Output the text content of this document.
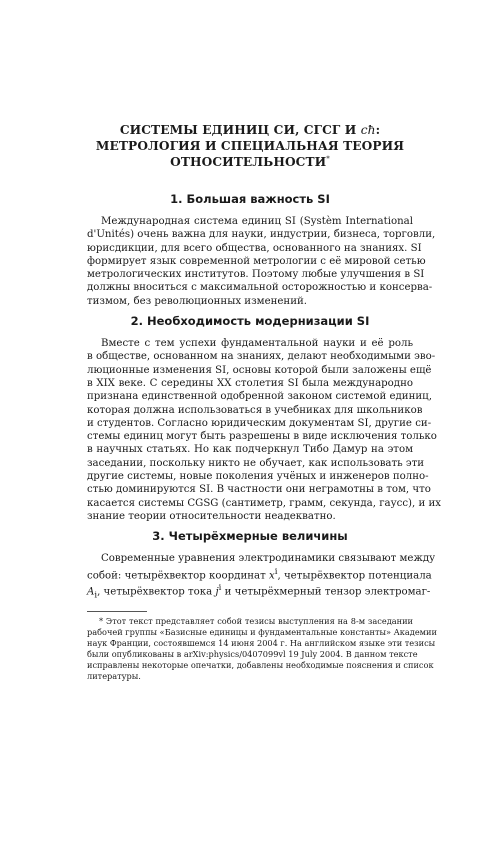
СИСТЕМЫ ЕДИНИЦ СИ, СГСГ И cħ:
МЕТРОЛОГИЯ И СПЕЦИАЛЬНАЯ ТЕОРИЯ
ОТНОСИТЕЛЬНОСТИ*
1. Большая важность SI
Международная система единиц SI (Systèm International
d'Unités) очень важна для науки, индустрии, бизнеса, торговли,
юрисдикции, для всего общества, основанного на знаниях. SI
формирует язык современной метрологии с её мировой сетью
метрологических институтов. Поэтому любые улучшения в SI
должны вноситься с максимальной осторожностью и консерва-
тизмом, без революционных изменений.
2. Необходимость модернизации SI
Вместе с тем успехи фундаментальной науки и её роль
в обществе, основанном на знаниях, делают необходимыми эво-
люционные изменения SI, основы которой были заложены ещё
в XIX веке. С середины XX столетия SI была международно
признана единственной одобренной законом системой единиц,
которая должна использоваться в учебниках для школьников
и студентов. Согласно юридическим документам SI, другие си-
стемы единиц могут быть разрешены в виде исключения только
в научных статьях. Но как подчеркнул Тибо Дамур на этом
заседании, поскольку никто не обучает, как использовать эти
другие системы, новые поколения учёных и инженеров полно-
стью доминируются SI. В частности они неграмотны в том, что
касается системы CGSG (сантиметр, грамм, секунда, гаусс), и их
знание теории относительности неадекватно.
3. Четырёхмерные величины
Современные уравнения электродинамики связывают между
собой: четырёхвектор координат $x^i$, четырёхвектор потенциала
$A_i$, четырёхвектор тока $j^i$ и четырёхмерный тензор электромаг-
* Этот текст представляет собой тезисы выступления на 8-м заседании
рабочей группы «Базисные единицы и фундаментальные константы» Академии
наук Франции, состоявшемся 14 июня 2004 г. На английском языке эти тезисы
были опубликованы в arXiv:physics/0407099vl 19 July 2004. В данном тексте
исправлены некоторые опечатки, добавлены необходимые пояснения и список
литературы.
